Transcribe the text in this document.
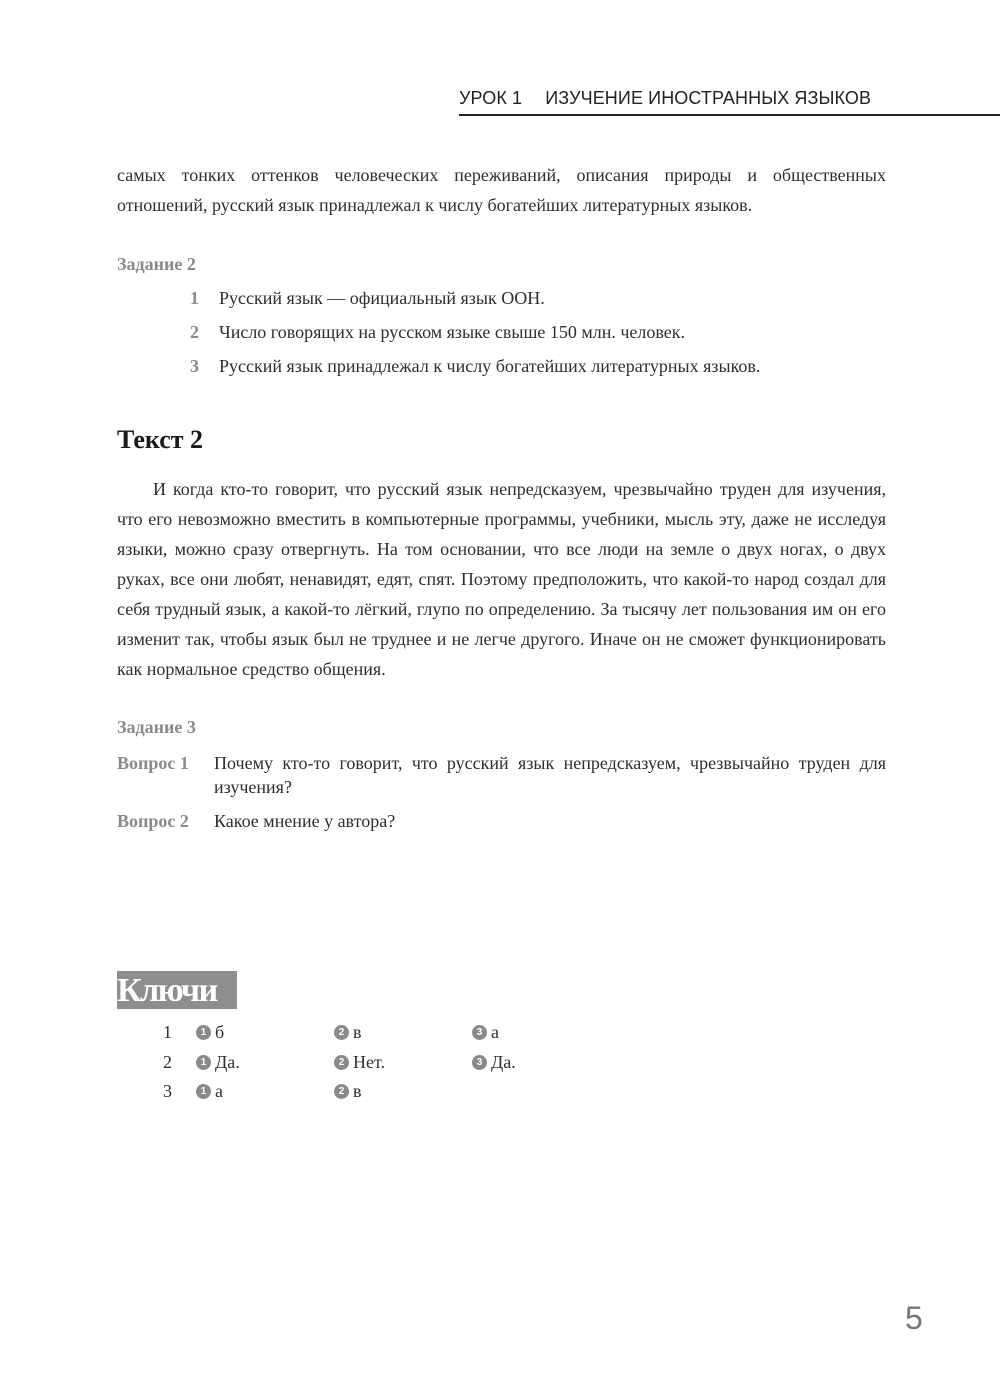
УРОК 1 ИЗУЧЕНИЕ ИНОСТРАННЫХ ЯЗЫКОВ

самых тонких оттенков человеческих переживаний, описания природы и общественных отношений, русский язык принадлежал к числу богатейших литературных языков.

Задание 2
1	Русский язык — официальный язык ООН.
2	Число говорящих на русском языке свыше 150 млн. человек.
3	Русский язык принадлежал к числу богатейших литературных языков.
Текст 2

И когда кто-то говорит, что русский язык непредсказуем, чрезвычайно труден для изучения, что его невозможно вместить в компьютерные программы, учебники, мысль эту, даже не исследуя языки, можно сразу отвергнуть. На том основании, что все люди на земле о двух ногах, о двух руках, все они любят, ненавидят, едят, спят. Поэтому предположить, что какой-то народ создал для себя трудный язык, а какой-то лёгкий, глупо по определению. За тысячу лет пользования им он его изменит так, чтобы язык был не труднее и не легче другого. Иначе он не сможет функционировать как нормальное средство общения.

Задание 3
Вопрос 1	Почему кто-то говорит, что русский язык непредсказуем, чрезвычайно труден для изучения?
Вопрос 2	Какое мнение у автора?
Ключи
1	1 б	2 в	3 а
2	1 Да.	2 Нет.	3 Да.
3	1 а	2 в
5
